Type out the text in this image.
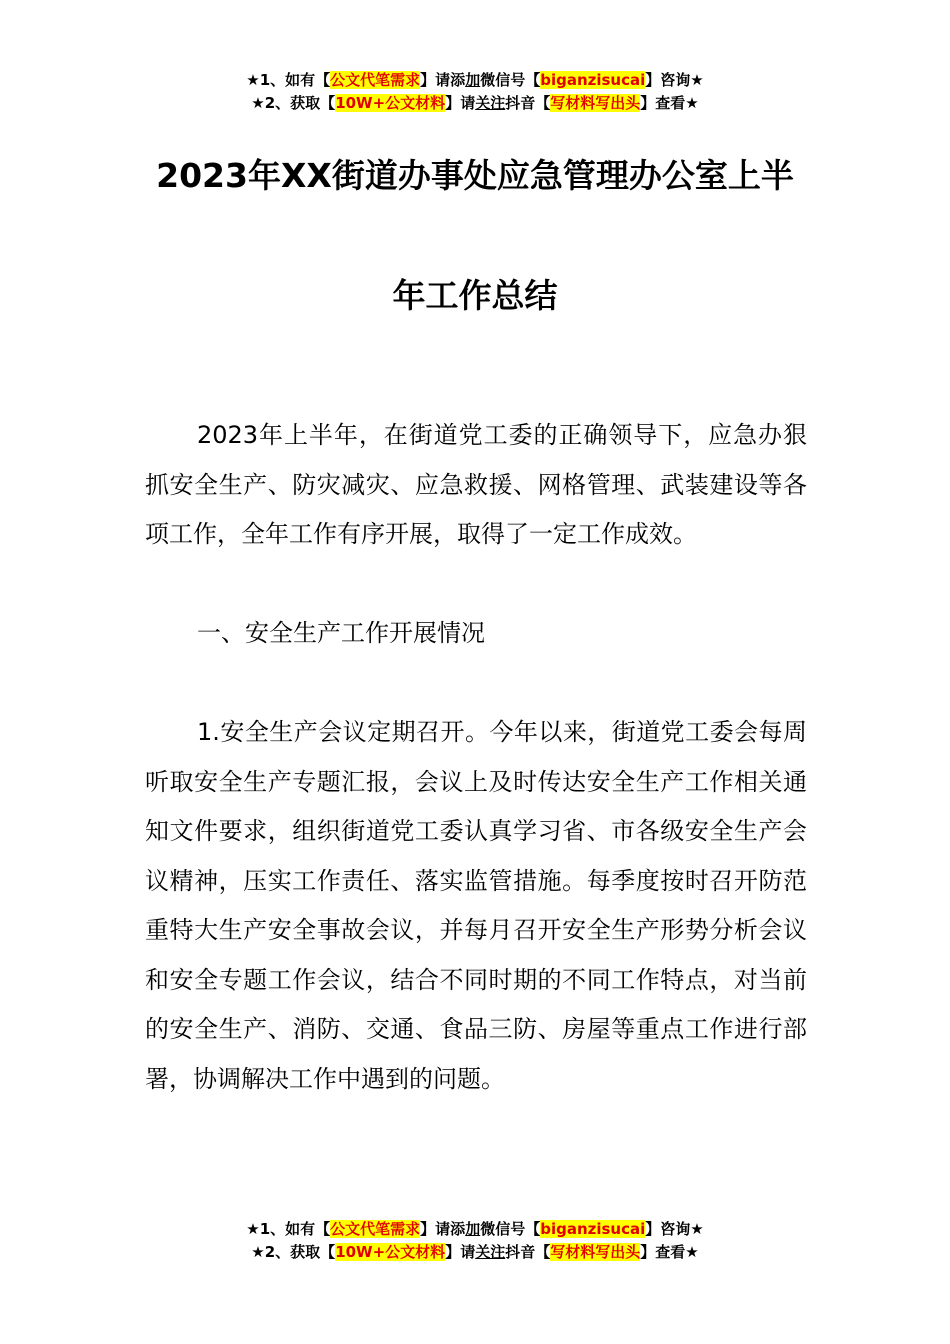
★1、如有【公文代笔需求】请添加微信号【biganzisucai】咨询★
★2、获取【10W+公文材料】请关注抖音【写材料写出头】查看★
2023年XX街道办事处应急管理办公室上半
年工作总结
2023年上半年，在街道党工委的正确领导下，应急办狠抓安全生产、防灾减灾、应急救援、网格管理、武装建设等各项工作，全年工作有序开展，取得了一定工作成效。
一、安全生产工作开展情况
1.安全生产会议定期召开。今年以来，街道党工委会每周听取安全生产专题汇报，会议上及时传达安全生产工作相关通知文件要求，组织街道党工委认真学习省、市各级安全生产会议精神，压实工作责任、落实监管措施。每季度按时召开防范重特大生产安全事故会议，并每月召开安全生产形势分析会议和安全专题工作会议，结合不同时期的不同工作特点，对当前的安全生产、消防、交通、食品三防、房屋等重点工作进行部署，协调解决工作中遇到的问题。
★1、如有【公文代笔需求】请添加微信号【biganzisucai】咨询★
★2、获取【10W+公文材料】请关注抖音【写材料写出头】查看★
